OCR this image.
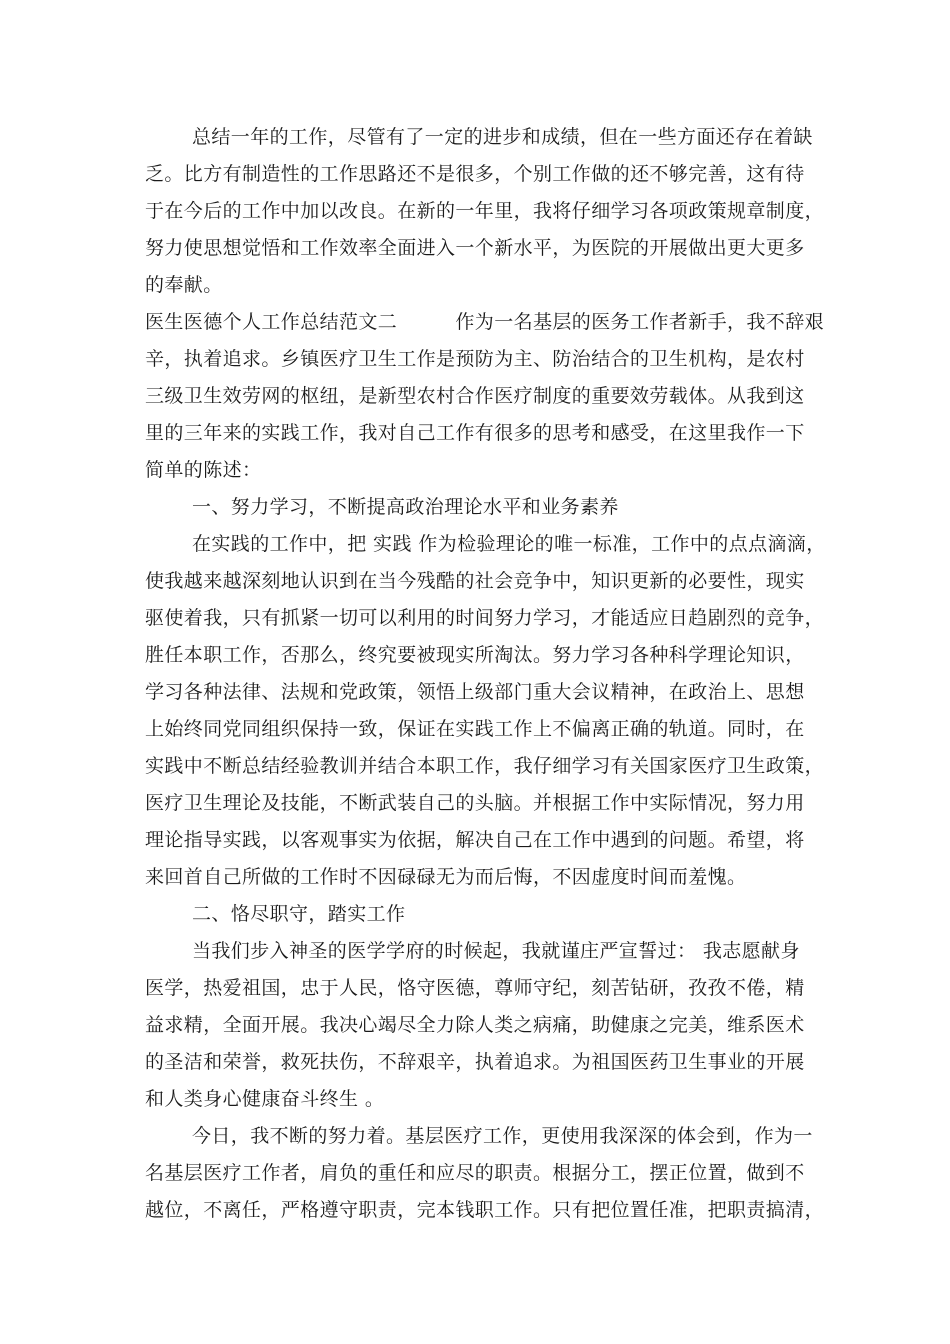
总结一年的工作，尽管有了一定的进步和成绩，但在一些方面还存在着缺
乏。比方有制造性的工作思路还不是很多，个别工作做的还不够完善，这有待
于在今后的工作中加以改良。在新的一年里，我将仔细学习各项政策规章制度，
努力使思想觉悟和工作效率全面进入一个新水平，为医院的开展做出更大更多
的奉献。
医生医德个人工作总结范文二　　　作为一名基层的医务工作者新手，我不辞艰
辛，执着追求。乡镇医疗卫生工作是预防为主、防治结合的卫生机构，是农村
三级卫生效劳网的枢纽，是新型农村合作医疗制度的重要效劳载体。从我到这
里的三年来的实践工作，我对自己工作有很多的思考和感受，在这里我作一下
简单的陈述：
一、努力学习，不断提高政治理论水平和业务素养
在实践的工作中，把 实践 作为检验理论的唯一标准，工作中的点点滴滴，
使我越来越深刻地认识到在当今残酷的社会竞争中，知识更新的必要性，现实
驱使着我，只有抓紧一切可以利用的时间努力学习，才能适应日趋剧烈的竞争，
胜任本职工作，否那么，终究要被现实所淘汰。努力学习各种科学理论知识，
学习各种法律、法规和党政策，领悟上级部门重大会议精神，在政治上、思想
上始终同党同组织保持一致，保证在实践工作上不偏离正确的轨道。同时，在
实践中不断总结经验教训并结合本职工作，我仔细学习有关国家医疗卫生政策，
医疗卫生理论及技能，不断武装自己的头脑。并根据工作中实际情况，努力用
理论指导实践，以客观事实为依据，解决自己在工作中遇到的问题。希望，将
来回首自己所做的工作时不因碌碌无为而后悔，不因虚度时间而羞愧。
二、恪尽职守，踏实工作
当我们步入神圣的医学学府的时候起，我就谨庄严宣誓过： 我志愿献身
医学，热爱祖国，忠于人民，恪守医德，尊师守纪，刻苦钻研，孜孜不倦，精
益求精，全面开展。我决心竭尽全力除人类之病痛，助健康之完美，维系医术
的圣洁和荣誉，救死扶伤，不辞艰辛，执着追求。为祖国医药卫生事业的开展
和人类身心健康奋斗终生 。
今日，我不断的努力着。基层医疗工作，更使用我深深的体会到，作为一
名基层医疗工作者，肩负的重任和应尽的职责。根据分工，摆正位置，做到不
越位，不离任，严格遵守职责，完本钱职工作。只有把位置任准，把职责搞清，
